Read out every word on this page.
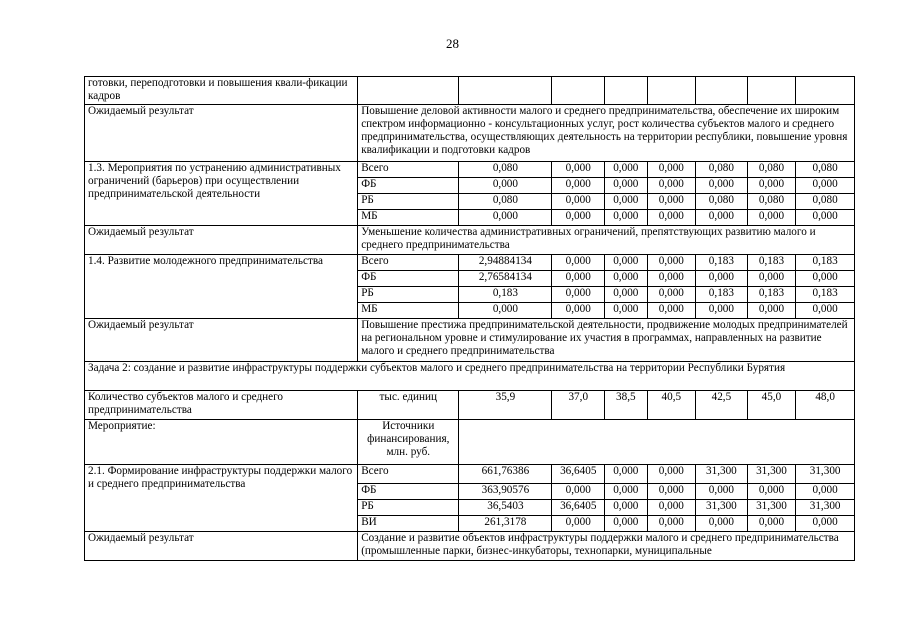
28
готовки, переподготовки и повышения квали-фикации кадров								
Ожидаемый результат	Повышение деловой активности малого и среднего предпринимательства, обеспечение их широким спектром информационно - консультационных услуг, рост количества субъектов малого и среднего предпринимательства, осуществляющих деятельность на территории республики, повышение уровня квалификации и подготовки кадров							
1.3. Мероприятия по устранению административных ограничений (барьеров) при осуществлении предпринимательской деятельности	Всего	0,080	0,000	0,000	0,000	0,080	0,080	0,080
	ФБ	0,000	0,000	0,000	0,000	0,000	0,000	0,000
	РБ	0,080	0,000	0,000	0,000	0,080	0,080	0,080
	МБ	0,000	0,000	0,000	0,000	0,000	0,000	0,000
Ожидаемый результат	Уменьшение количества административных ограничений, препятствующих развитию малого и среднего предпринимательства							
1.4. Развитие молодежного предпринимательства	Всего	2,94884134	0,000	0,000	0,000	0,183	0,183	0,183
	ФБ	2,76584134	0,000	0,000	0,000	0,000	0,000	0,000
	РБ	0,183	0,000	0,000	0,000	0,183	0,183	0,183
	МБ	0,000	0,000	0,000	0,000	0,000	0,000	0,000
Ожидаемый результат	Повышение престижа предпринимательской деятельности, продвижение молодых предпринимателей на региональном уровне и стимулирование их участия в программах, направленных на развитие малого и среднего предпринимательства							
Задача 2: создание и развитие инфраструктуры поддержки субъектов малого и среднего предпринимательства на территории Республики Бурятия								
Количество субъектов малого и среднего предпринимательства	тыс. единиц	35,9	37,0	38,5	40,5	42,5	45,0	48,0
Мероприятие:	Источники финансирования, млн. руб.							
2.1. Формирование инфраструктуры поддержки малого и среднего предпринимательства	Всего	661,76386	36,6405	0,000	0,000	31,300	31,300	31,300
	ФБ	363,90576	0,000	0,000	0,000	0,000	0,000	0,000
	РБ	36,5403	36,6405	0,000	0,000	31,300	31,300	31,300
	ВИ	261,3178	0,000	0,000	0,000	0,000	0,000	0,000
Ожидаемый результат	Создание и развитие объектов инфраструктуры поддержки малого и среднего предпринимательства (промышленные парки, бизнес-инкубаторы, технопарки, муниципальные							
